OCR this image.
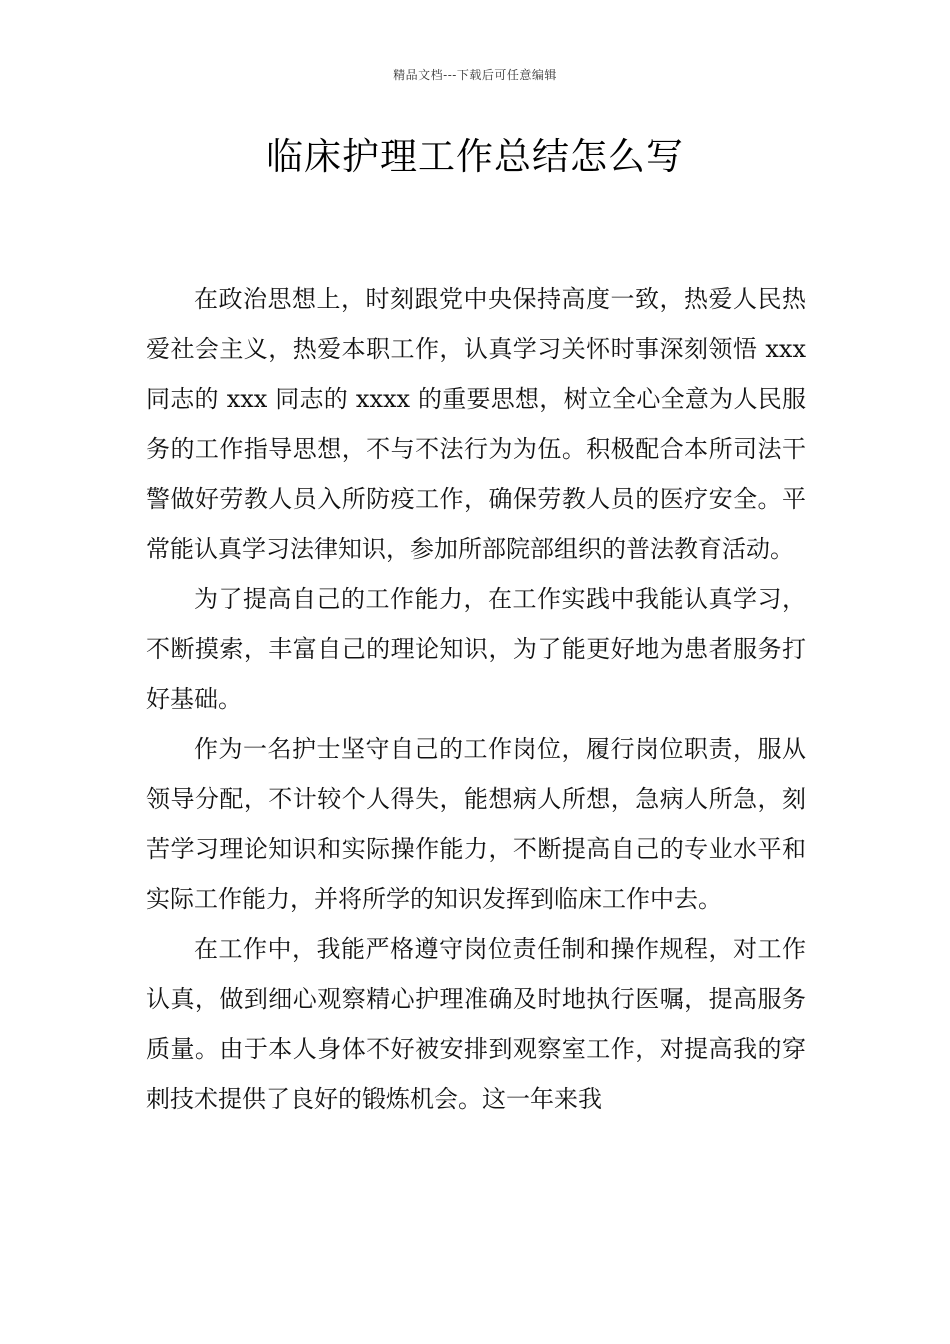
精品文档---下载后可任意编辑
临床护理工作总结怎么写

在政治思想上，时刻跟党中央保持高度一致，热爱人民热爱社会主义，热爱本职工作，认真学习关怀时事深刻领悟 xxx 同志的 xxx 同志的 xxxx 的重要思想，树立全心全意为人民服务的工作指导思想，不与不法行为为伍。积极配合本所司法干警做好劳教人员入所防疫工作，确保劳教人员的医疗安全。平常能认真学习法律知识，参加所部院部组织的普法教育活动。

为了提高自己的工作能力，在工作实践中我能认真学习，不断摸索，丰富自己的理论知识，为了能更好地为患者服务打好基础。

作为一名护士坚守自己的工作岗位，履行岗位职责，服从领导分配，不计较个人得失，能想病人所想，急病人所急，刻苦学习理论知识和实际操作能力，不断提高自己的专业水平和实际工作能力，并将所学的知识发挥到临床工作中去。

在工作中，我能严格遵守岗位责任制和操作规程，对工作认真，做到细心观察精心护理准确及时地执行医嘱，提高服务质量。由于本人身体不好被安排到观察室工作，对提高我的穿刺技术提供了良好的锻炼机会。这一年来我
